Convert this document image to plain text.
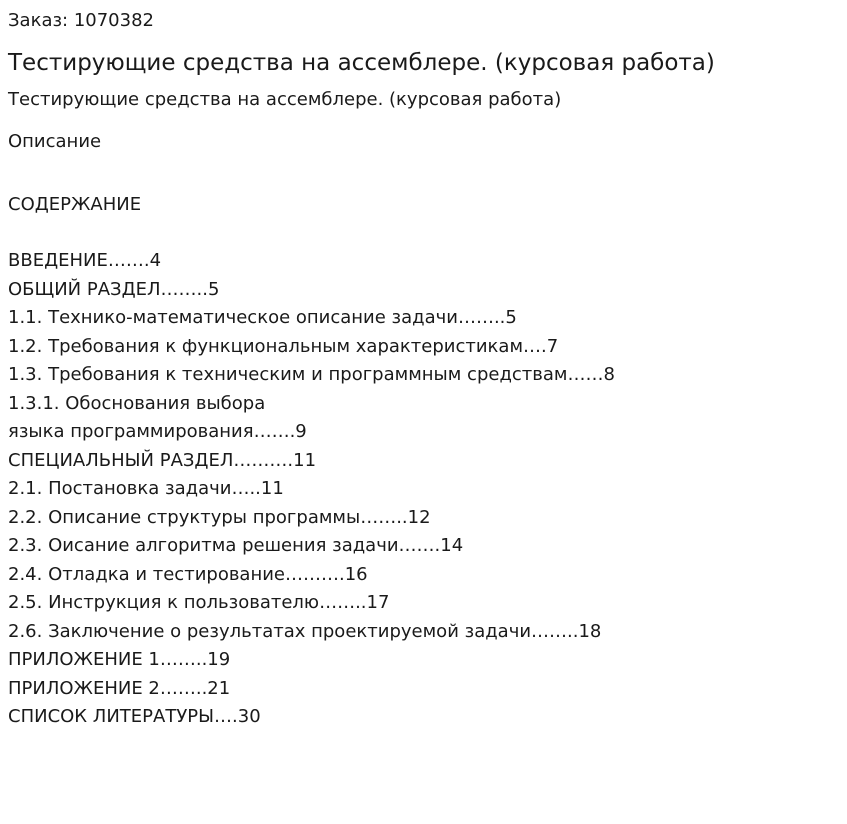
Заказ: 1070382
Тестирующие средства на ассемблере. (курсовая работа)
Тестирующие средства на ассемблере. (курсовая работа)
Описание
СОДЕРЖАНИЕ
ВВЕДЕНИЕ…….4
ОБЩИЙ РАЗДЕЛ……..5
1.1. Технико-математическое описание задачи……..5
1.2. Требования к функциональным характеристикам….7
1.3. Требования к техническим и программным средствам……8
1.3.1. Обоснования выбора
языка программирования…….9
СПЕЦИАЛЬНЫЙ РАЗДЕЛ……….11
2.1. Постановка задачи…..11
2.2. Описание структуры программы……..12
2.3. Оисание алгоритма решения задачи…….14
2.4. Отладка и тестирование……….16
2.5. Инструкция к пользователю……..17
2.6. Заключение о результатах проектируемой задачи……..18
ПРИЛОЖЕНИЕ 1……..19
ПРИЛОЖЕНИЕ 2……..21
СПИСОК ЛИТЕРАТУРЫ….30
